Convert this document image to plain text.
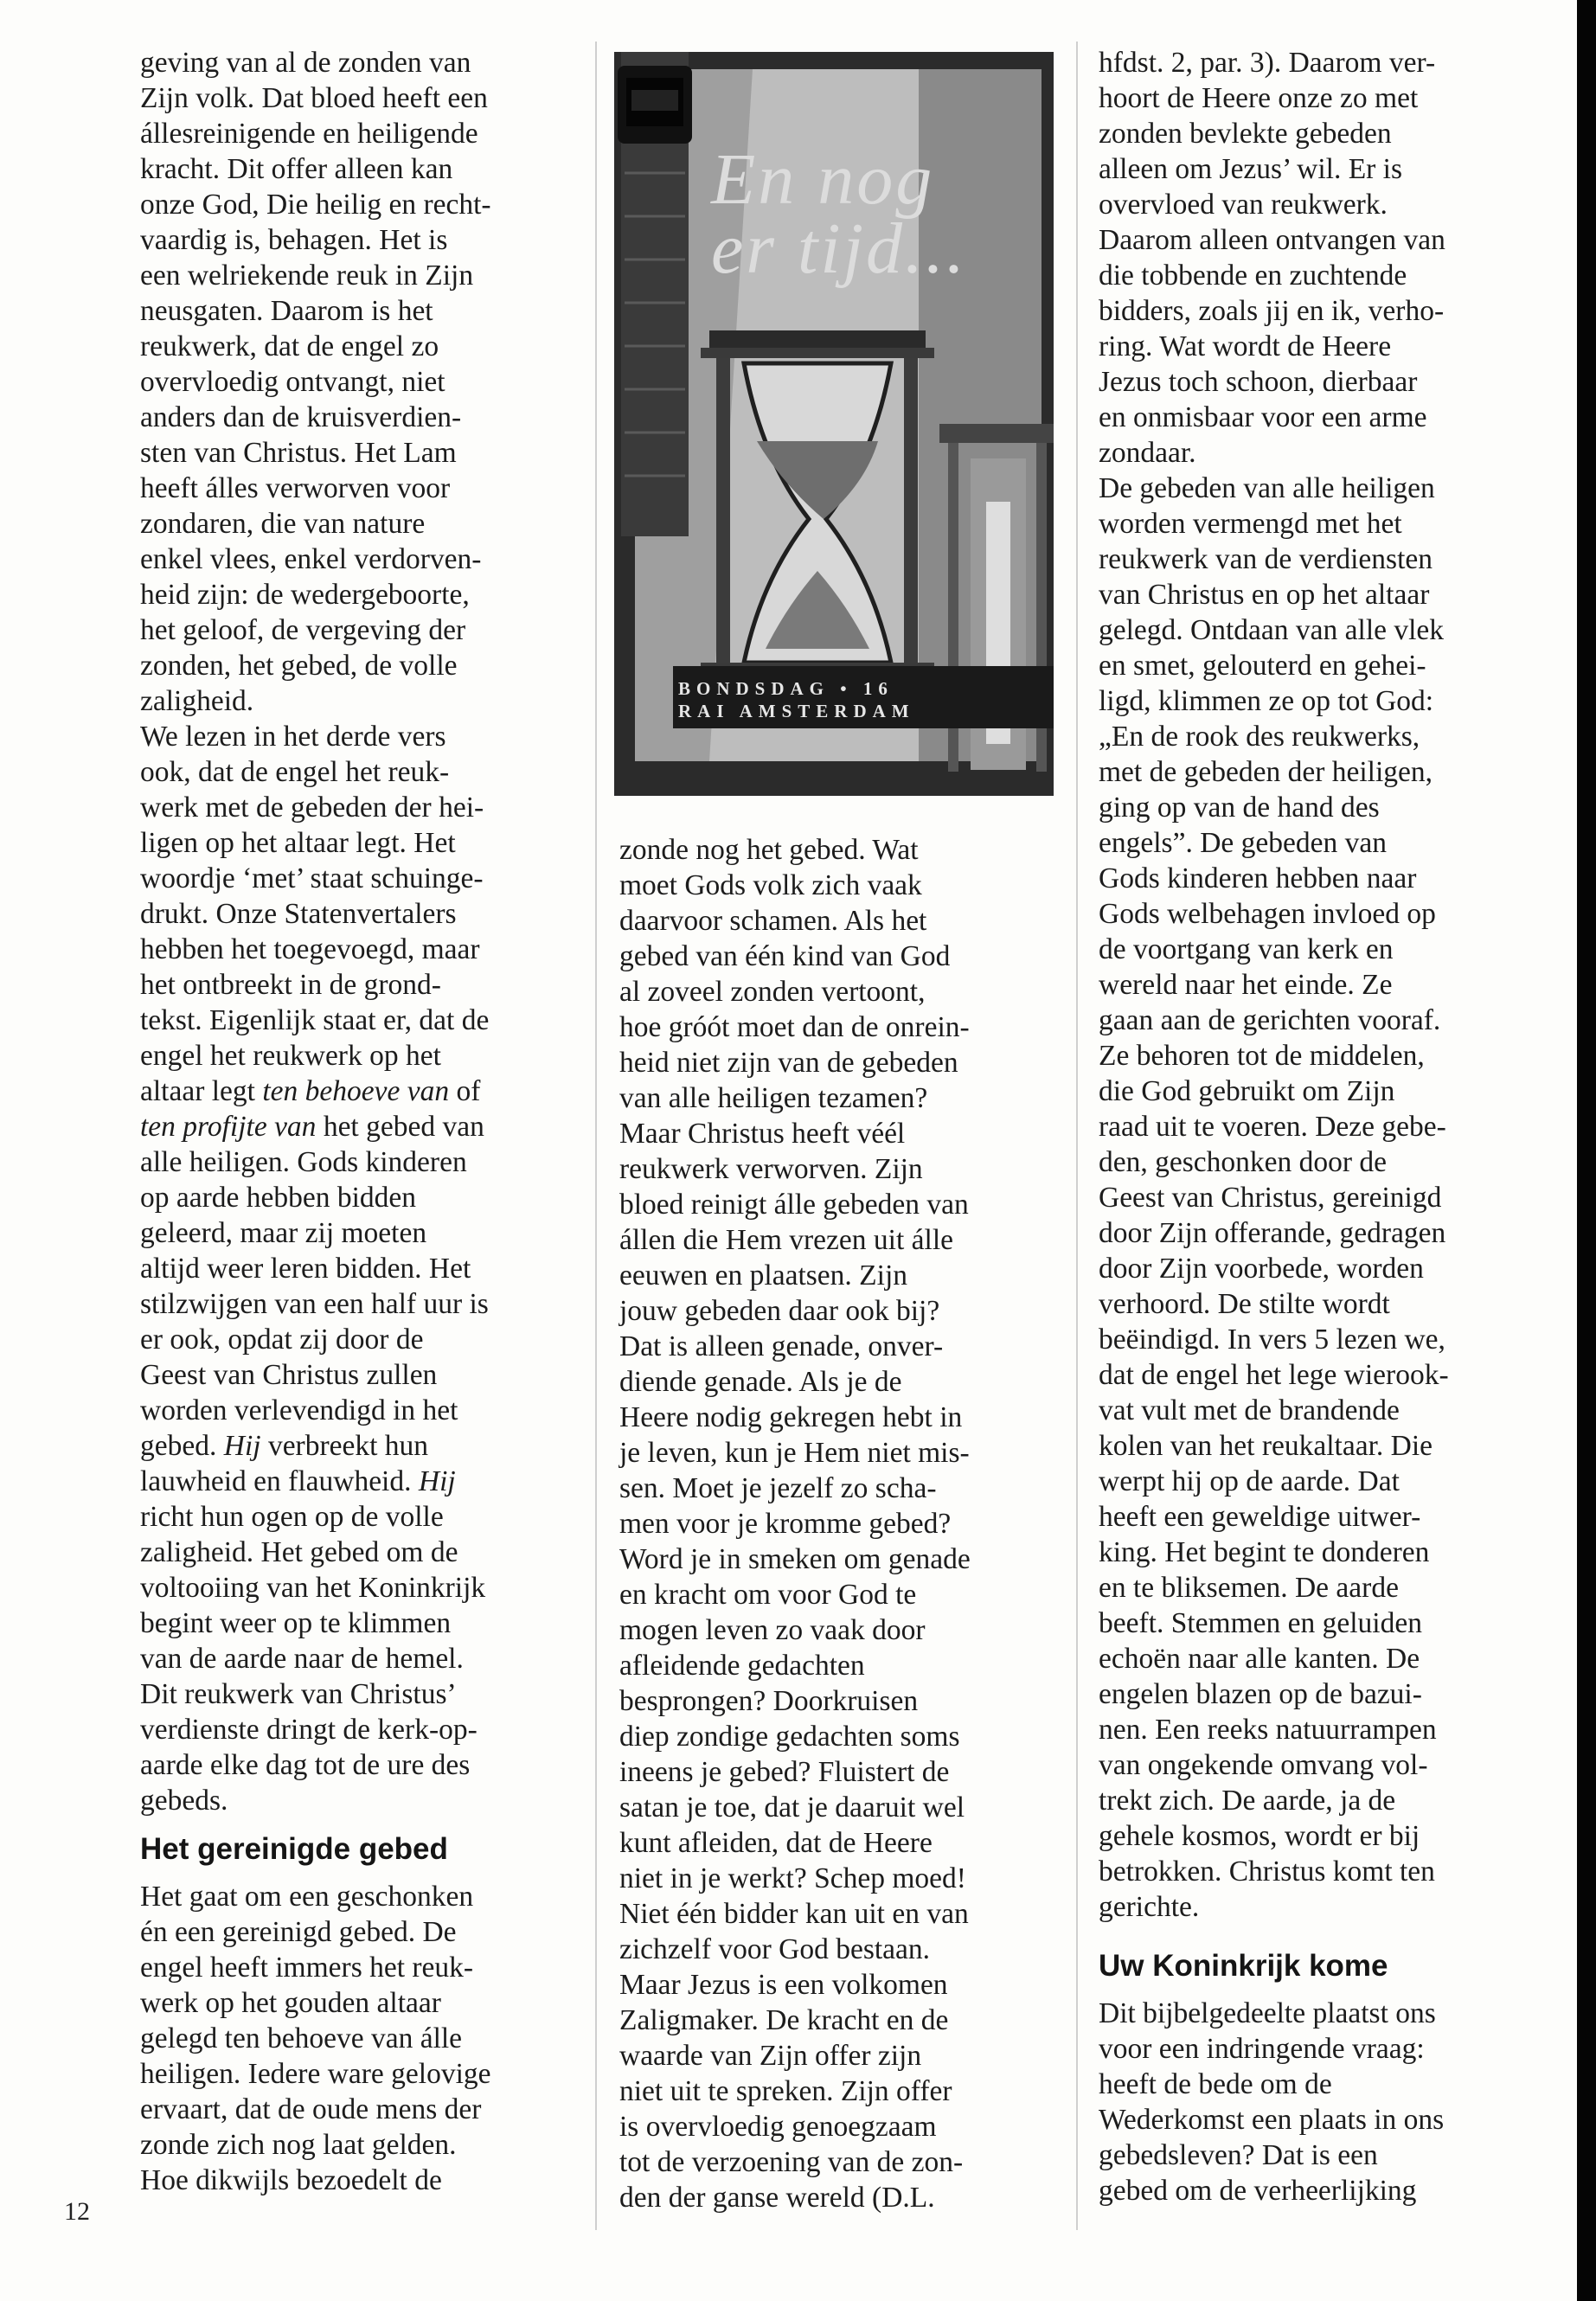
geving van al de zonden van
Zijn volk. Dat bloed heeft een
állesreinigende en heiligende
kracht. Dit offer alleen kan
onze God, Die heilig en recht-
vaardig is, behagen. Het is
een welriekende reuk in Zijn
neusgaten. Daarom is het
reukwerk, dat de engel zo
overvloedig ontvangt, niet
anders dan de kruisverdien-
sten van Christus. Het Lam
heeft álles verworven voor
zondaren, die van nature
enkel vlees, enkel verdorven-
heid zijn: de wedergeboorte,
het geloof, de vergeving der
zonden, het gebed, de volle
zaligheid.

We lezen in het derde vers
ook, dat de engel het reuk-
werk met de gebeden der hei-
ligen op het altaar legt. Het
woordje ‘met’ staat schuinge-
drukt. Onze Statenvertalers
hebben het toegevoegd, maar
het ontbreekt in de grond-
tekst. Eigenlijk staat er, dat de
engel het reukwerk op het
altaar legt ten behoeve van of
ten profijte van het gebed van
alle heiligen. Gods kinderen
op aarde hebben bidden
geleerd, maar zij moeten
altijd weer leren bidden. Het
stilzwijgen van een half uur is
er ook, opdat zij door de
Geest van Christus zullen
worden verlevendigd in het
gebed. Hij verbreekt hun
lauwheid en flauwheid. Hij
richt hun ogen op de volle
zaligheid. Het gebed om de
voltooiing van het Koninkrijk
begint weer op te klimmen
van de aarde naar de hemel.
Dit reukwerk van Christus’
verdienste dringt de kerk-op-
aarde elke dag tot de ure des
gebeds.

Het gereinigde gebed

Het gaat om een geschonken
én een gereinigd gebed. De
engel heeft immers het reuk-
werk op het gouden altaar
gelegd ten behoeve van álle
heiligen. Iedere ware gelovige
ervaart, dat de oude mens der
zonde zich nog laat gelden.
Hoe dikwijls bezoedelt de

En nog
er tijd...
BONDSDAG • 16
RAI AMSTERDAM

zonde nog het gebed. Wat
moet Gods volk zich vaak
daarvoor schamen. Als het
gebed van één kind van God
al zoveel zonden vertoont,
hoe gróót moet dan de onrein-
heid niet zijn van de gebeden
van alle heiligen tezamen?
Maar Christus heeft véél
reukwerk verworven. Zijn
bloed reinigt álle gebeden van
állen die Hem vrezen uit álle
eeuwen en plaatsen. Zijn
jouw gebeden daar ook bij?
Dat is alleen genade, onver-
diende genade. Als je de
Heere nodig gekregen hebt in
je leven, kun je Hem niet mis-
sen. Moet je jezelf zo scha-
men voor je kromme gebed?
Word je in smeken om genade
en kracht om voor God te
mogen leven zo vaak door
afleidende gedachten
besprongen? Doorkruisen
diep zondige gedachten soms
ineens je gebed? Fluistert de
satan je toe, dat je daaruit wel
kunt afleiden, dat de Heere
niet in je werkt? Schep moed!
Niet één bidder kan uit en van
zichzelf voor God bestaan.
Maar Jezus is een volkomen
Zaligmaker. De kracht en de
waarde van Zijn offer zijn
niet uit te spreken. Zijn offer
is overvloedig genoegzaam
tot de verzoening van de zon-
den der ganse wereld (D.L.

hfdst. 2, par. 3). Daarom ver-
hoort de Heere onze zo met
zonden bevlekte gebeden
alleen om Jezus’ wil. Er is
overvloed van reukwerk.
Daarom alleen ontvangen van
die tobbende en zuchtende
bidders, zoals jij en ik, verho-
ring. Wat wordt de Heere
Jezus toch schoon, dierbaar
en onmisbaar voor een arme
zondaar.

De gebeden van alle heiligen
worden vermengd met het
reukwerk van de verdiensten
van Christus en op het altaar
gelegd. Ontdaan van alle vlek
en smet, gelouterd en gehei-
ligd, klimmen ze op tot God:
„En de rook des reukwerks,
met de gebeden der heiligen,
ging op van de hand des
engels”. De gebeden van
Gods kinderen hebben naar
Gods welbehagen invloed op
de voortgang van kerk en
wereld naar het einde. Ze
gaan aan de gerichten vooraf.
Ze behoren tot de middelen,
die God gebruikt om Zijn
raad uit te voeren. Deze gebe-
den, geschonken door de
Geest van Christus, gereinigd
door Zijn offerande, gedragen
door Zijn voorbede, worden
verhoord. De stilte wordt
beëindigd. In vers 5 lezen we,
dat de engel het lege wierook-
vat vult met de brandende
kolen van het reukaltaar. Die
werpt hij op de aarde. Dat
heeft een geweldige uitwer-
king. Het begint te donderen
en te bliksemen. De aarde
beeft. Stemmen en geluiden
echoën naar alle kanten. De
engelen blazen op de bazui-
nen. Een reeks natuurrampen
van ongekende omvang vol-
trekt zich. De aarde, ja de
gehele kosmos, wordt er bij
betrokken. Christus komt ten
gerichte.

Uw Koninkrijk kome

Dit bijbelgedeelte plaatst ons
voor een indringende vraag:
heeft de bede om de
Wederkomst een plaats in ons
gebedsleven? Dat is een
gebed om de verheerlijking

12
